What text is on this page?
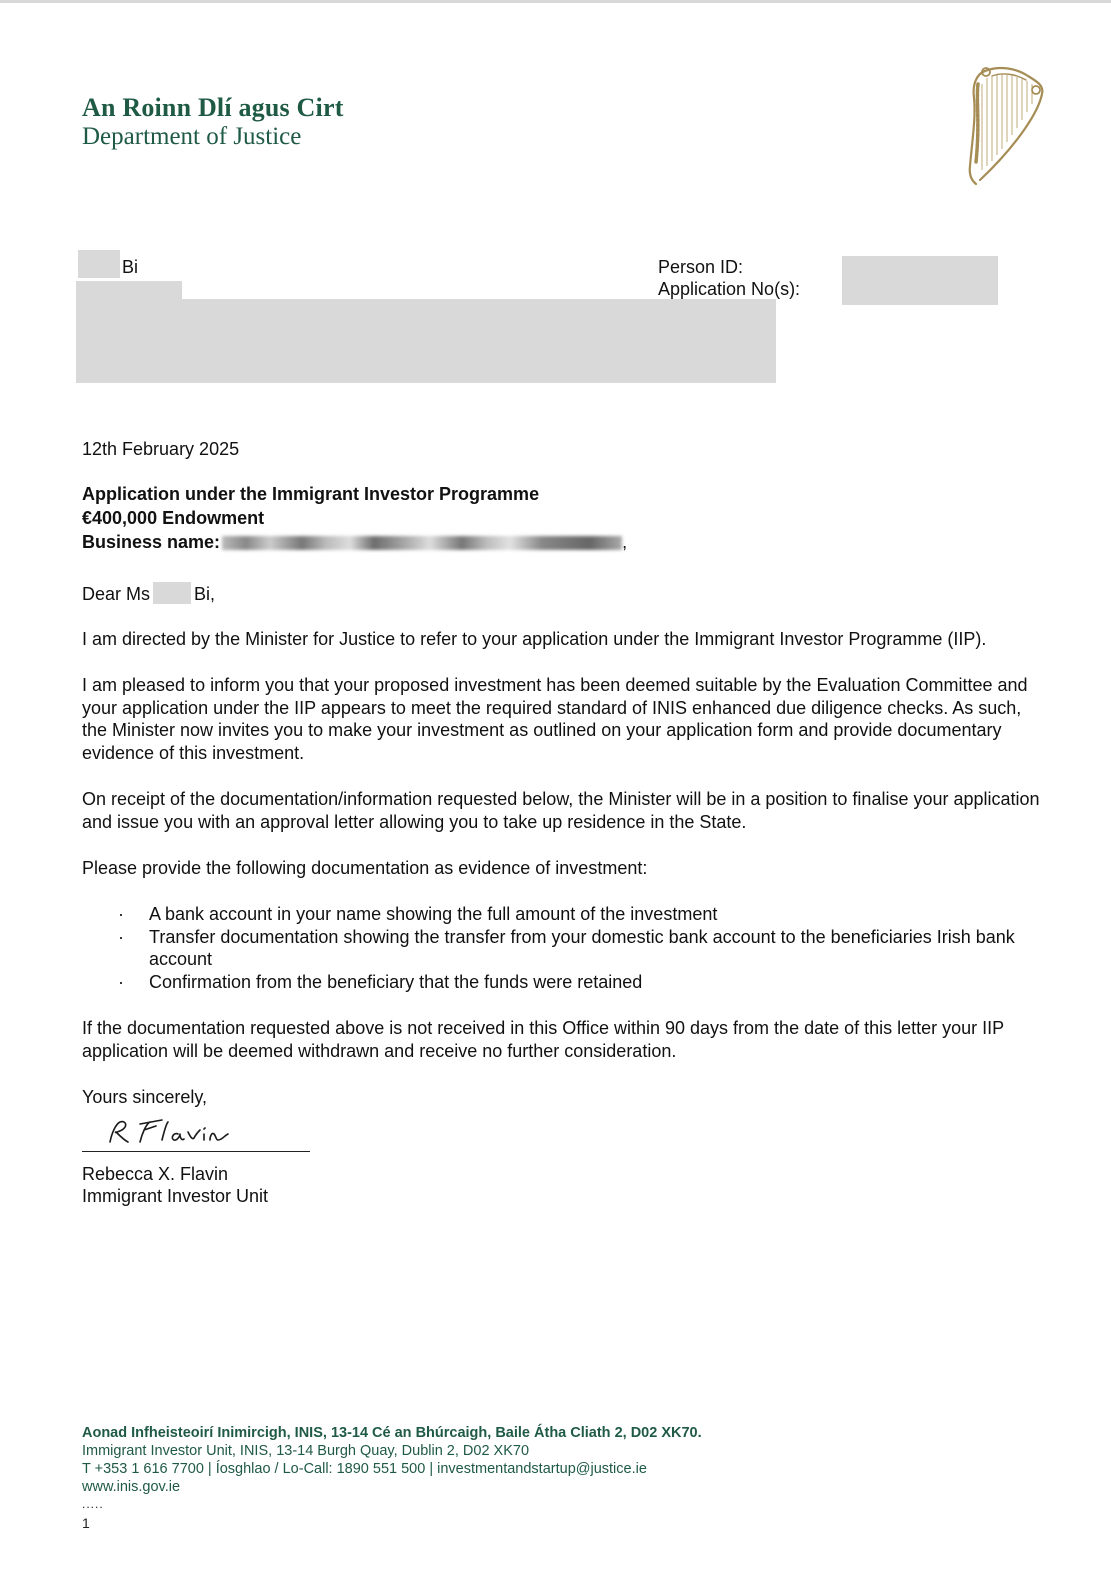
An Roinn Dlí agus Cirt
Department of Justice
Bi	Person ID:
Application No(s):
12th February 2025
Application under the Immigrant Investor Programme
€400,000 Endowment
Business name:	,
Dear Ms Bi,
I am directed by the Minister for Justice to refer to your application under the Immigrant Investor Programme (IIP).
I am pleased to inform you that your proposed investment has been deemed suitable by the Evaluation Committee and your application under the IIP appears to meet the required standard of INIS enhanced due diligence checks. As such, the Minister now invites you to make your investment as outlined on your application form and provide documentary evidence of this investment.
On receipt of the documentation/information requested below, the Minister will be in a position to finalise your application and issue you with an approval letter allowing you to take up residence in the State.
Please provide the following documentation as evidence of investment:
· A bank account in your name showing the full amount of the investment
· Transfer documentation showing the transfer from your domestic bank account to the beneficiaries Irish bank account
· Confirmation from the beneficiary that the funds were retained
If the documentation requested above is not received in this Office within 90 days from the date of this letter your IIP application will be deemed withdrawn and receive no further consideration.
Yours sincerely,
Rebecca X. Flavin
Immigrant Investor Unit
Aonad Infheisteoirí Inimircigh, INIS, 13-14 Cé an Bhúrcaigh, Baile Átha Cliath 2, D02 XK70.
Immigrant Investor Unit, INIS, 13-14 Burgh Quay, Dublin 2, D02 XK70
T +353 1 616 7700 | Íosghlao / Lo-Call: 1890 551 500 | investmentandstartup@justice.ie
www.inis.gov.ie
.....
1
